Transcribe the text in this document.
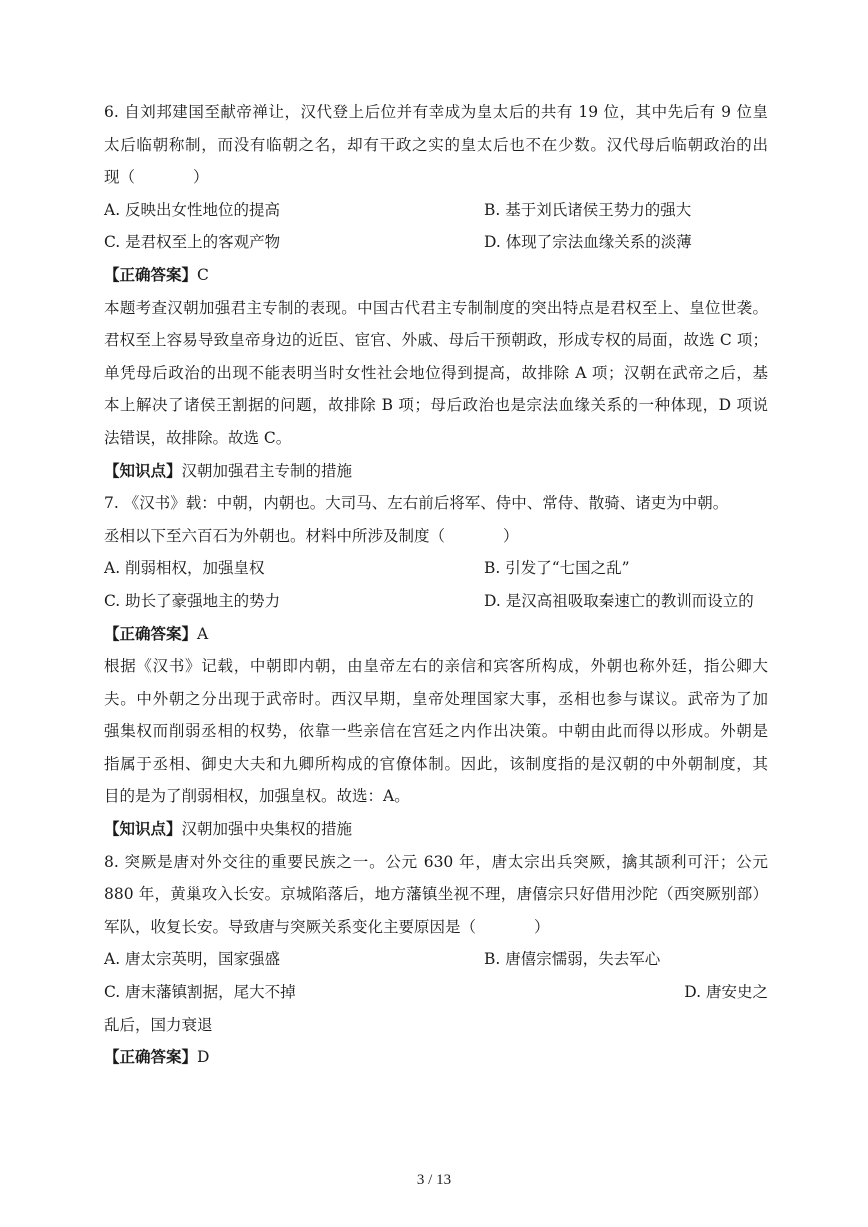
6. 自刘邦建国至献帝禅让，汉代登上后位并有幸成为皇太后的共有 19 位，其中先后有 9 位皇
太后临朝称制，而没有临朝之名，却有干政之实的皇太后也不在少数。汉代母后临朝政治的出
现（	）
A. 反映出女性地位的提高	B. 基于刘氏诸侯王势力的强大
C. 是君权至上的客观产物	D. 体现了宗法血缘关系的淡薄
【正确答案】C
本题考查汉朝加强君主专制的表现。中国古代君主专制制度的突出特点是君权至上、皇位世袭。
君权至上容易导致皇帝身边的近臣、宦官、外戚、母后干预朝政，形成专权的局面，故选 C 项；
单凭母后政治的出现不能表明当时女性社会地位得到提高，故排除 A 项；汉朝在武帝之后，基
本上解决了诸侯王割据的问题，故排除 B 项；母后政治也是宗法血缘关系的一种体现，D 项说
法错误，故排除。故选 C。
【知识点】汉朝加强君主专制的措施
7. 《汉书》载：中朝，内朝也。大司马、左右前后将军、侍中、常侍、散骑、诸吏为中朝。
丞相以下至六百石为外朝也。材料中所涉及制度（	）
A. 削弱相权，加强皇权	B. 引发了“七国之乱”
C. 助长了豪强地主的势力	D. 是汉高祖吸取秦速亡的教训而设立的
【正确答案】A
根据《汉书》记载，中朝即内朝，由皇帝左右的亲信和宾客所构成，外朝也称外廷，指公卿大
夫。中外朝之分出现于武帝时。西汉早期，皇帝处理国家大事，丞相也参与谋议。武帝为了加
强集权而削弱丞相的权势，依靠一些亲信在宫廷之内作出决策。中朝由此而得以形成。外朝是
指属于丞相、御史大夫和九卿所构成的官僚体制。因此，该制度指的是汉朝的中外朝制度，其
目的是为了削弱相权，加强皇权。故选：A。
【知识点】汉朝加强中央集权的措施
8. 突厥是唐对外交往的重要民族之一。公元 630 年，唐太宗出兵突厥，擒其颉利可汗；公元
880 年，黄巢攻入长安。京城陷落后，地方藩镇坐视不理，唐僖宗只好借用沙陀（西突厥别部）
军队，收复长安。导致唐与突厥关系变化主要原因是（	）
A. 唐太宗英明，国家强盛	B. 唐僖宗懦弱，失去军心
C. 唐末藩镇割据，尾大不掉	D. 唐安史之
乱后，国力衰退
【正确答案】D
3 / 13
